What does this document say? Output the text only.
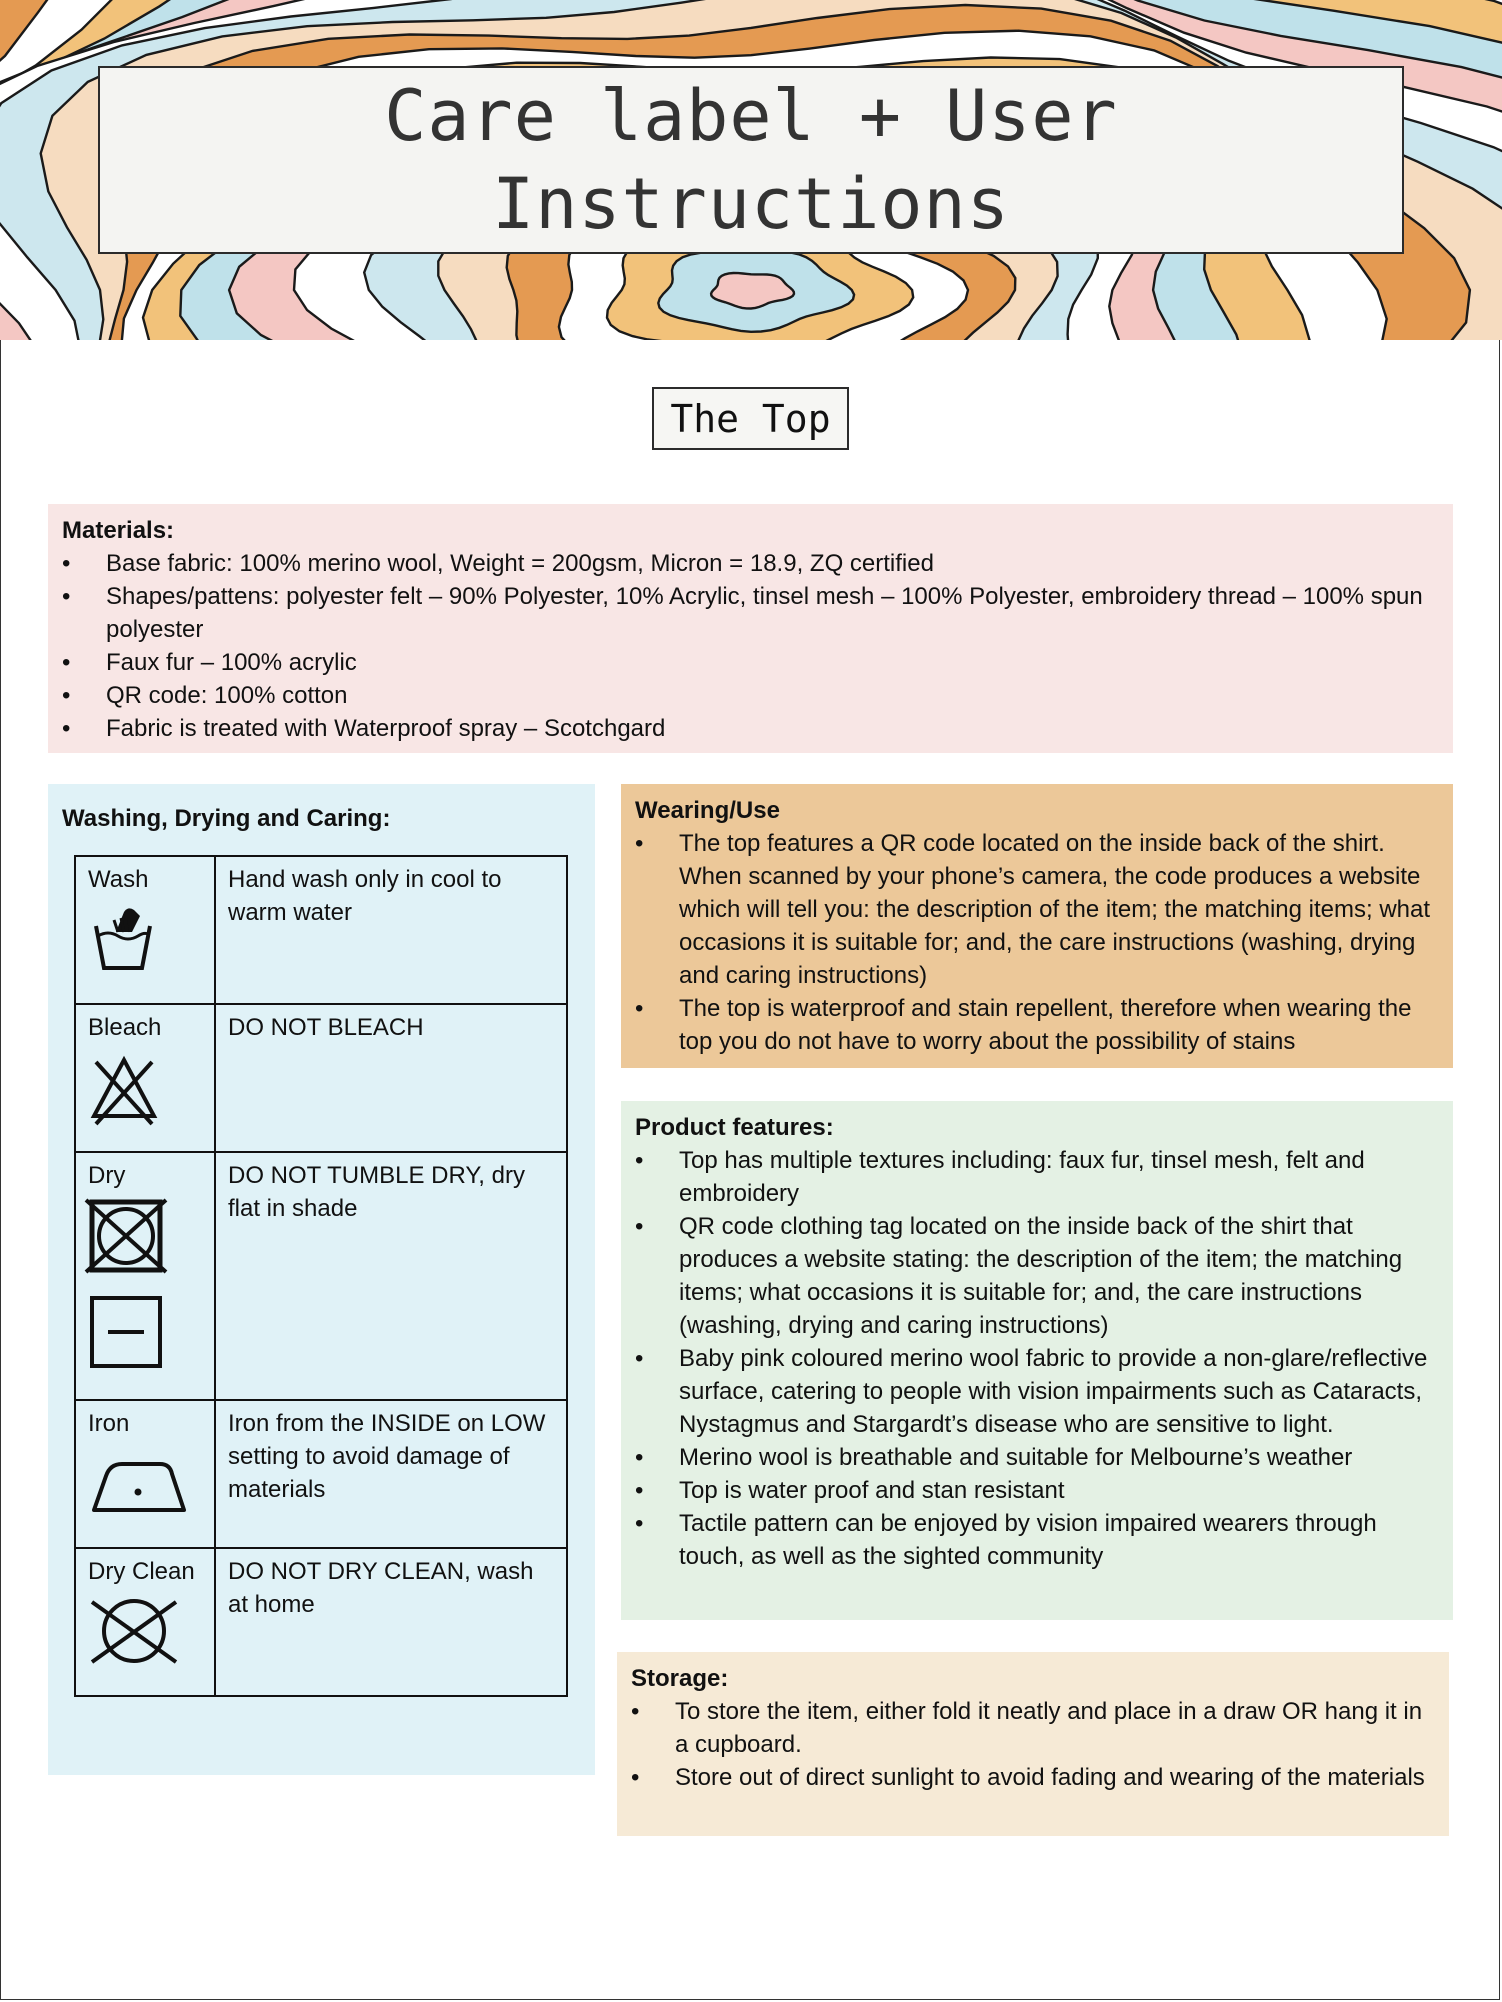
Care label + User
Instructions
The Top
Materials:
• Base fabric: 100% merino wool, Weight = 200gsm, Micron = 18.9, ZQ certified
• Shapes/pattens: polyester felt – 90% Polyester, 10% Acrylic, tinsel mesh – 100% Polyester, embroidery thread – 100% spun polyester
• Faux fur – 100% acrylic
• QR code: 100% cotton
• Fabric is treated with Waterproof spray – Scotchgard
Washing, Drying and Caring:
Wash	Hand wash only in cool to warm water
Bleach	DO NOT BLEACH
Dry	DO NOT TUMBLE DRY, dry flat in shade
Iron	Iron from the INSIDE on LOW setting to avoid damage of materials
Dry Clean	DO NOT DRY CLEAN, wash at home
Wearing/Use
• The top features a QR code located on the inside back of the shirt. When scanned by your phone’s camera, the code produces a website which will tell you: the description of the item; the matching items; what occasions it is suitable for; and, the care instructions (washing, drying and caring instructions)
• The top is waterproof and stain repellent, therefore when wearing the top you do not have to worry about the possibility of stains
Product features:
• Top has multiple textures including: faux fur, tinsel mesh, felt and embroidery
• QR code clothing tag located on the inside back of the shirt that produces a website stating: the description of the item; the matching items; what occasions it is suitable for; and, the care instructions (washing, drying and caring instructions)
• Baby pink coloured merino wool fabric to provide a non-glare/reflective surface, catering to people with vision impairments such as Cataracts, Nystagmus and Stargardt’s disease who are sensitive to light.
• Merino wool is breathable and suitable for Melbourne’s weather
• Top is water proof and stan resistant
• Tactile pattern can be enjoyed by vision impaired wearers through touch, as well as the sighted community
Storage:
• To store the item, either fold it neatly and place in a draw OR hang it in a cupboard.
• Store out of direct sunlight to avoid fading and wearing of the materials
